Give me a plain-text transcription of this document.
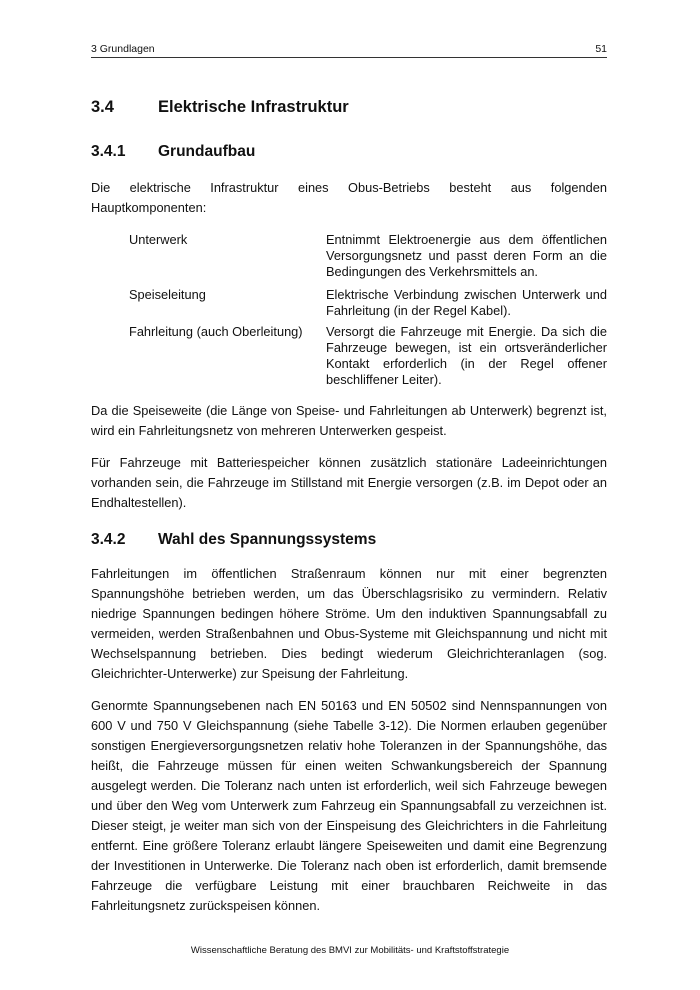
3 Grundlagen	51
3.4	Elektrische Infrastruktur
3.4.1 Grundaufbau

Die elektrische Infrastruktur eines Obus-Betriebs besteht aus folgenden Hauptkomponenten:

Unterwerk	Entnimmt Elektroenergie aus dem öffentlichen Versorgungsnetz und passt deren Form an die Bedingungen des Verkehrsmittels an.
Speiseleitung	Elektrische Verbindung zwischen Unterwerk und Fahrleitung (in der Regel Kabel).
Fahrleitung (auch Oberleitung)	Versorgt die Fahrzeuge mit Energie. Da sich die Fahrzeuge bewegen, ist ein ortsveränderlicher Kontakt erforderlich (in der Regel offener beschliffener Leiter).

Da die Speiseweite (die Länge von Speise- und Fahrleitungen ab Unterwerk) begrenzt ist, wird ein Fahrleitungsnetz von mehreren Unterwerken gespeist.

Für Fahrzeuge mit Batteriespeicher können zusätzlich stationäre Ladeeinrichtungen vorhanden sein, die Fahrzeuge im Stillstand mit Energie versorgen (z.B. im Depot oder an Endhaltestellen).

3.4.2 Wahl des Spannungssystems

Fahrleitungen im öffentlichen Straßenraum können nur mit einer begrenzten Spannungshöhe betrieben werden, um das Überschlagsrisiko zu vermindern. Relativ niedrige Spannungen bedingen höhere Ströme. Um den induktiven Spannungsabfall zu vermeiden, werden Straßenbahnen und Obus-Systeme mit Gleichspannung und nicht mit Wechselspannung betrieben. Dies bedingt wiederum Gleichrichteranlagen (sog. Gleichrichter-Unterwerke) zur Speisung der Fahrleitung.

Genormte Spannungsebenen nach EN 50163 und EN 50502 sind Nennspannungen von 600 V und 750 V Gleichspannung (siehe Tabelle 3-12). Die Normen erlauben gegenüber sonstigen Energieversorgungsnetzen relativ hohe Toleranzen in der Spannungshöhe, das heißt, die Fahrzeuge müssen für einen weiten Schwankungsbereich der Spannung ausgelegt werden. Die Toleranz nach unten ist erforderlich, weil sich Fahrzeuge bewegen und über den Weg vom Unterwerk zum Fahrzeug ein Spannungsabfall zu verzeichnen ist. Dieser steigt, je weiter man sich von der Einspeisung des Gleichrichters in die Fahrleitung entfernt. Eine größere Toleranz erlaubt längere Speiseweiten und damit eine Begrenzung der Investitionen in Unterwerke. Die Toleranz nach oben ist erforderlich, damit bremsende Fahrzeuge die verfügbare Leistung mit einer brauchbaren Reichweite in das Fahrleitungsnetz zurückspeisen können.

Wissenschaftliche Beratung des BMVI zur Mobilitäts- und Kraftstoffstrategie
